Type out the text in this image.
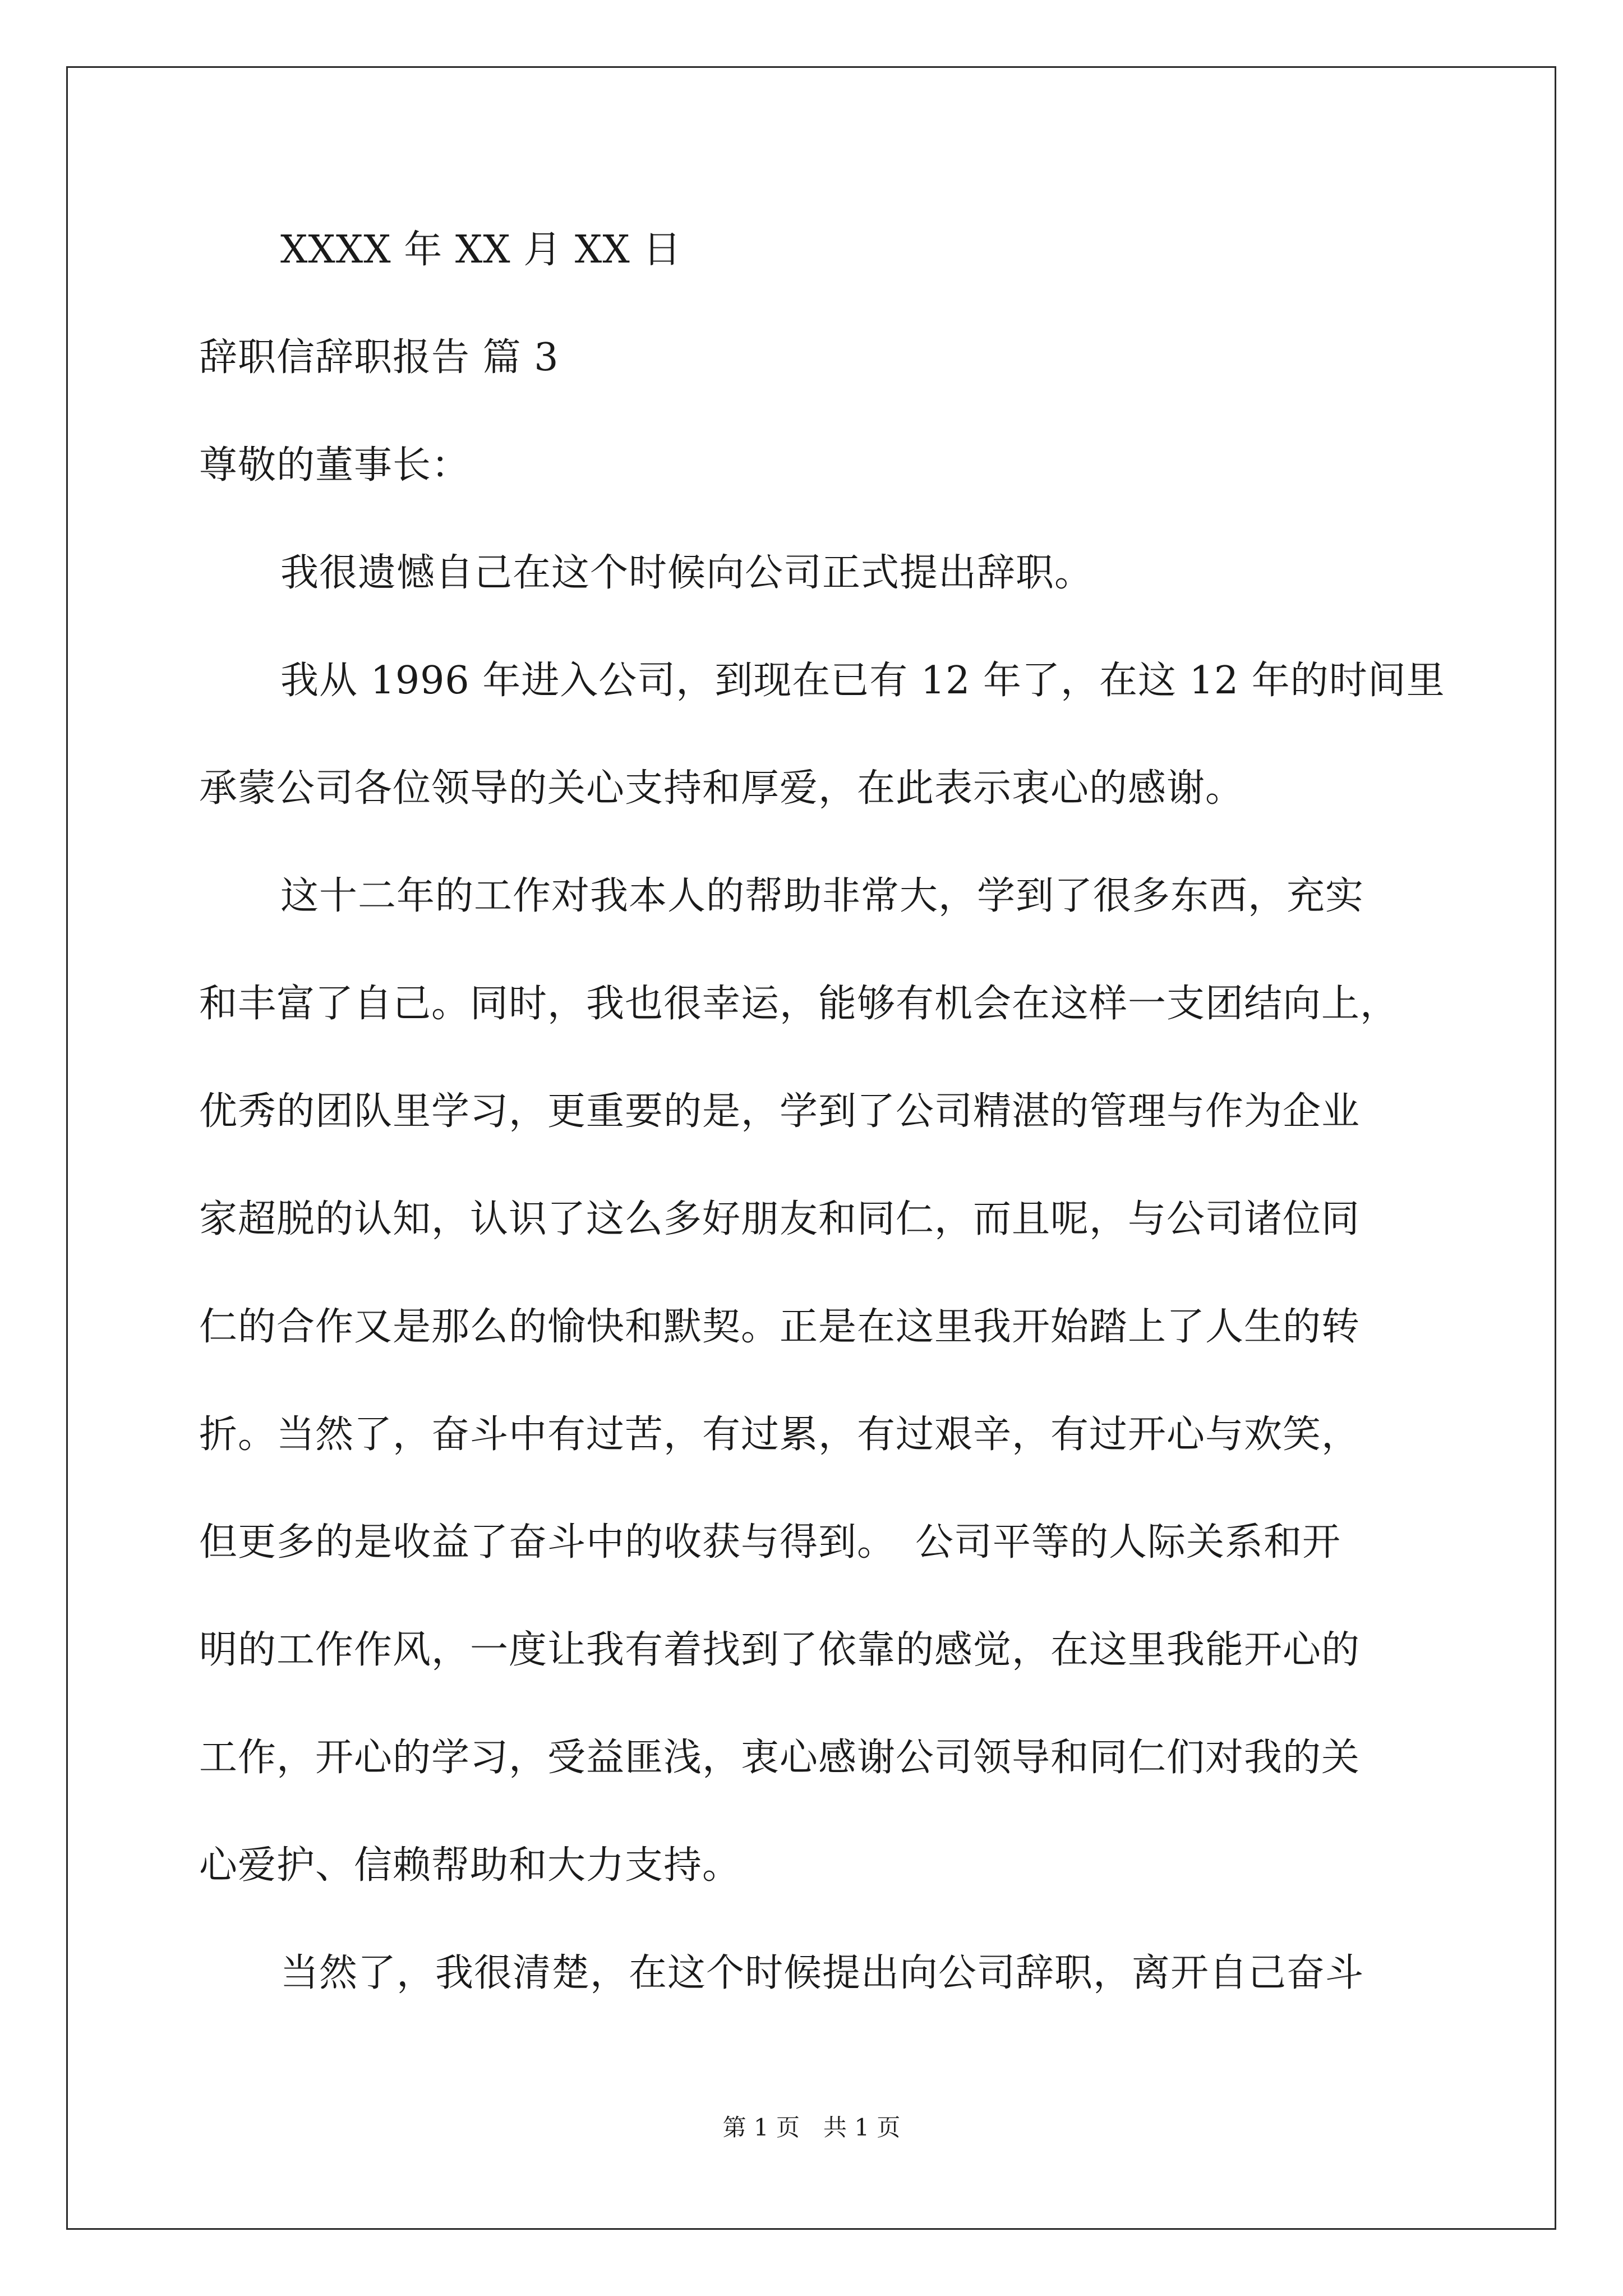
XXXX 年 XX 月 XX 日
辞职信辞职报告 篇 3
尊敬的董事长：
我很遗憾自己在这个时候向公司正式提出辞职。
我从 1996 年进入公司，到现在已有 12 年了，在这 12 年的时间里
承蒙公司各位领导的关心支持和厚爱，在此表示衷心的感谢。
这十二年的工作对我本人的帮助非常大，学到了很多东西，充实
和丰富了自己。同时，我也很幸运，能够有机会在这样一支团结向上，
优秀的团队里学习，更重要的是，学到了公司精湛的管理与作为企业
家超脱的认知，认识了这么多好朋友和同仁，而且呢，与公司诸位同
仁的合作又是那么的愉快和默契。正是在这里我开始踏上了人生的转
折。当然了，奋斗中有过苦，有过累，有过艰辛，有过开心与欢笑，
但更多的是收益了奋斗中的收获与得到。　公司平等的人际关系和开
明的工作作风，一度让我有着找到了依靠的感觉，在这里我能开心的
工作，开心的学习，受益匪浅，衷心感谢公司领导和同仁们对我的关
心爱护、信赖帮助和大力支持。
当然了，我很清楚，在这个时候提出向公司辞职，离开自己奋斗
第 1 页　共 1 页
